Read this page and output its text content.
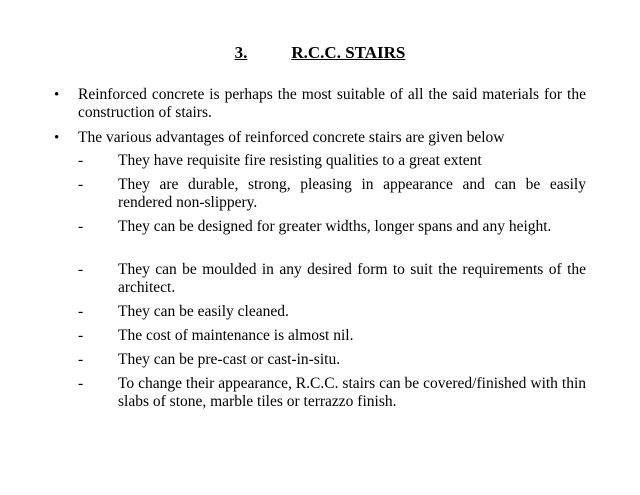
3.	R.C.C. STAIRS
• Reinforced concrete is perhaps the most suitable of all the said materials for the construction of stairs.
• The various advantages of reinforced concrete stairs are given below
- They have requisite fire resisting qualities to a great extent
- They are durable, strong, pleasing in appearance and can be easily rendered non-slippery.
- They can be designed for greater widths, longer spans and any height.
- They can be moulded in any desired form to suit the requirements of the architect.
- They can be easily cleaned.
- The cost of maintenance is almost nil.
- They can be pre-cast or cast-in-situ.
- To change their appearance, R.C.C. stairs can be covered/finished with thin slabs of stone, marble tiles or terrazzo finish.
